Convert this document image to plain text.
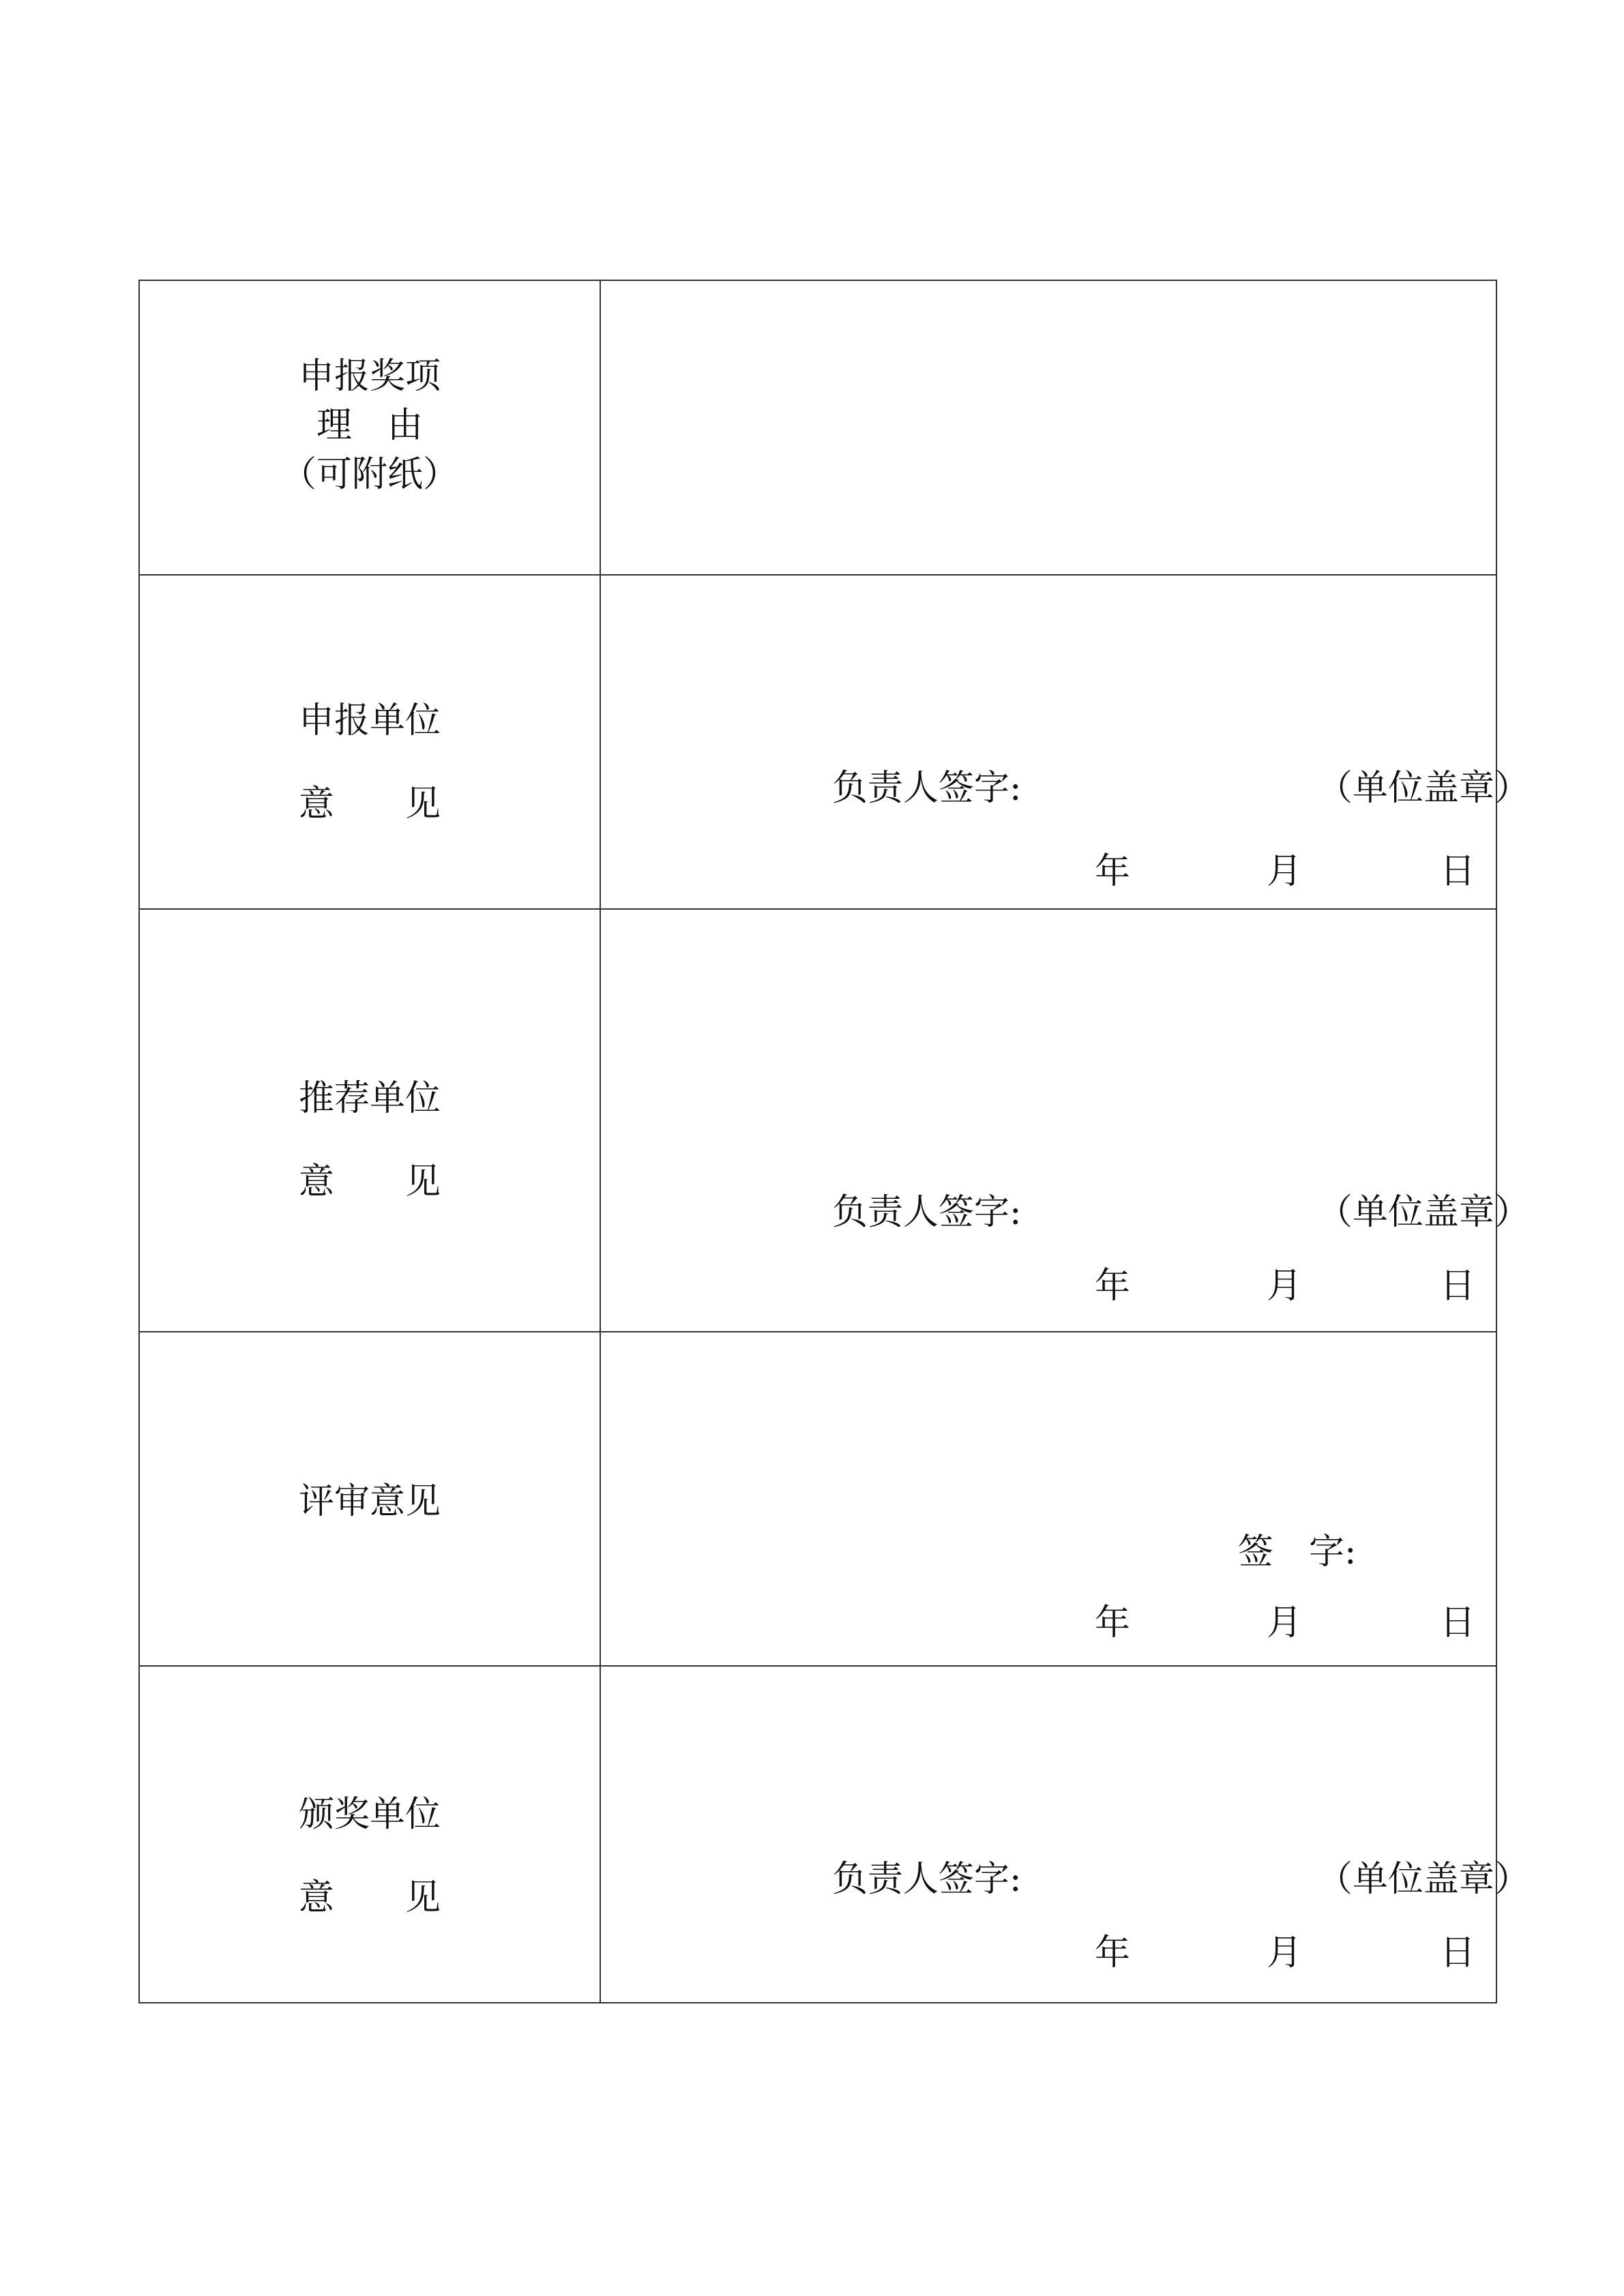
申报奖项
理　由
（可附纸）	

申报单位
意　　见	负责人签字: （单位盖章）
年 月 日

推荐单位
意　　见	负责人签字: （单位盖章）
年 月 日

评审意见	签　字:
年 月 日

颁奖单位
意　　见	负责人签字: （单位盖章）
年 月 日
